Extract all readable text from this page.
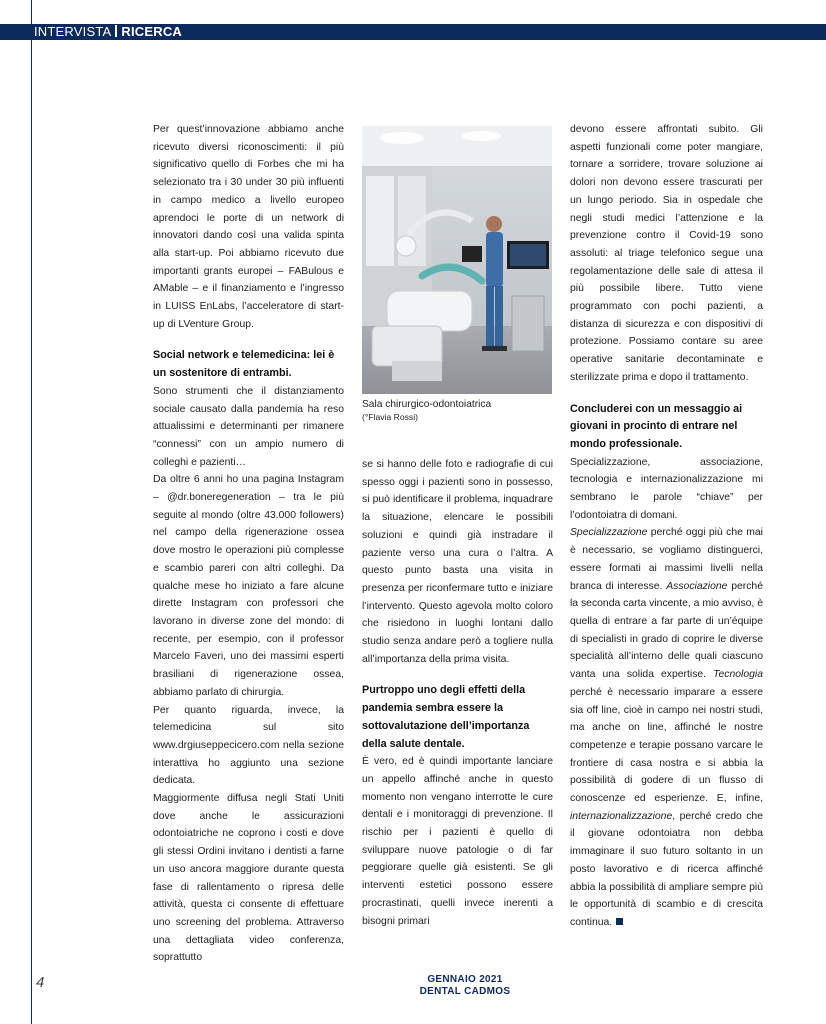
INTERVISTA RICERCA

Per quest’innovazione abbiamo anche ricevuto diversi riconoscimenti: il più significativo quello di Forbes che mi ha selezionato tra i 30 under 30 più influenti in campo medico a livello europeo aprendoci le porte di un network di innovatori dando così una valida spinta alla start-up. Poi abbiamo ricevuto due importanti grants europei – FABulous e AMable – e il finanziamento e l’ingresso in LUISS EnLabs, l’acceleratore di start-up di LVenture Group.

Social network e telemedicina: lei è un sostenitore di entrambi.

Sono strumenti che il distanziamento sociale causato dalla pandemia ha reso attualissimi e determinanti per rimanere “connessi” con un ampio numero di colleghi e pazienti…

Da oltre 6 anni ho una pagina Instagram – @dr.boneregeneration – tra le più seguite al mondo (oltre 43.000 followers) nel campo della rigenerazione ossea dove mostro le operazioni più complesse e scambio pareri con altri colleghi. Da qualche mese ho iniziato a fare alcune dirette Instagram con professori che lavorano in diverse zone del mondo: di recente, per esempio, con il professor Marcelo Faveri, uno dei massimi esperti brasiliani di rigenerazione ossea, abbiamo parlato di chirurgia.

Per quanto riguarda, invece, la telemedicina sul sito www.drgiuseppecicero.com nella sezione interattiva ho aggiunto una sezione dedicata.

Maggiormente diffusa negli Stati Uniti dove anche le assicurazioni odontoiatriche ne coprono i costi e dove gli stessi Ordini invitano i dentisti a farne un uso ancora maggiore durante questa fase di rallentamento o ripresa delle attività, questa ci consente di effettuare uno screening del problema. Attraverso una dettagliata video conferenza, soprattutto

Sala chirurgico-odontoiatrica
(°Flavia Rossi)

se si hanno delle foto e radiografie di cui spesso oggi i pazienti sono in possesso, si può identificare il problema, inquadrare la situazione, elencare le possibili soluzioni e quindi già instradare il paziente verso una cura o l’altra. A questo punto basta una visita in presenza per riconfermare tutto e iniziare l’intervento. Questo agevola molto coloro che risiedono in luoghi lontani dallo studio senza andare però a togliere nulla all’importanza della prima visita.

Purtroppo uno degli effetti della pandemia sembra essere la sottovalutazione dell’importanza della salute dentale.

È vero, ed è quindi importante lanciare un appello affinché anche in questo momento non vengano interrotte le cure dentali e i monitoraggi di prevenzione. Il rischio per i pazienti è quello di sviluppare nuove patologie o di far peggiorare quelle già esistenti. Se gli interventi estetici possono essere procrastinati, quelli invece inerenti a bisogni primari

devono essere affrontati subito. Gli aspetti funzionali come poter mangiare, tornare a sorridere, trovare soluzione ai dolori non devono essere trascurati per un lungo periodo. Sia in ospedale che negli studi medici l’attenzione e la prevenzione contro il Covid-19 sono assoluti: al triage telefonico segue una regolamentazione delle sale di attesa il più possibile libere. Tutto viene programmato con pochi pazienti, a distanza di sicurezza e con dispositivi di protezione. Possiamo contare su aree operative sanitarie decontaminate e sterilizzate prima e dopo il trattamento.

Concluderei con un messaggio ai giovani in procinto di entrare nel mondo professionale.

Specializzazione, associazione, tecnologia e internazionalizzazione mi sembrano le parole “chiave” per l’odontoiatra di domani.

Specializzazione perché oggi più che mai è necessario, se vogliamo distinguerci, essere formati ai massimi livelli nella branca di interesse. Associazione perché la seconda carta vincente, a mio avviso, è quella di entrare a far parte di un’équipe di specialisti in grado di coprire le diverse specialità all’interno delle quali ciascuno vanta una solida expertise. Tecnologia perché è necessario imparare a essere sia off line, cioè in campo nei nostri studi, ma anche on line, affinché le nostre competenze e terapie possano varcare le frontiere di casa nostra e si abbia la possibilità di godere di un flusso di conoscenze ed esperienze. E, infine, internazionalizzazione, perché credo che il giovane odontoiatra non debba immaginare il suo futuro soltanto in un posto lavorativo e di ricerca affinché abbia la possibilità di ampliare sempre più le opportunità di scambio e di crescita continua.

4	GENNAIO 2021
DENTAL CADMOS
